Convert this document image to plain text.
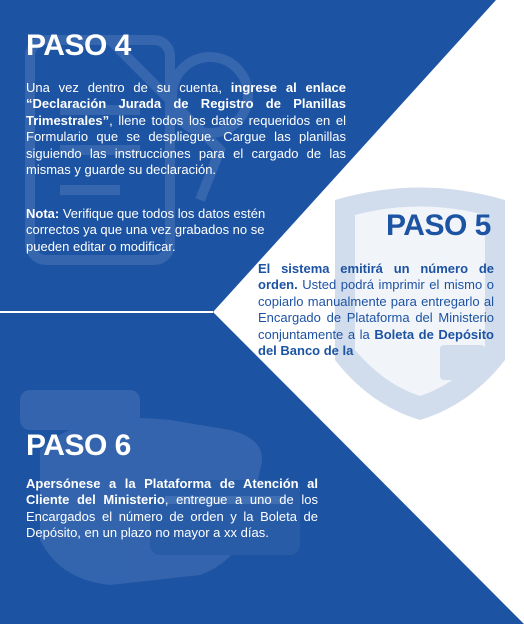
PASO 4

Una vez dentro de su cuenta, ingrese al enlace “Declaración Jurada de Registro de Planillas Trimestrales”, llene todos los datos requeridos en el Formulario que se despliegue. Cargue las planillas siguiendo las instrucciones para el cargado de las mismas y guarde su declaración.

Nota: Verifique que todos los datos estén correctos ya que una vez grabados no se pueden editar o modificar.

PASO 5

El sistema emitirá un número de orden. Usted podrá imprimir el mismo o copiarlo manualmente para entregarlo al Encargado de Plataforma del Ministerio conjuntamente a la Boleta de Depósito del Banco de la

PASO 6

Apersónese a la Plataforma de Atención al Cliente del Ministerio, entregue a uno de los Encargados el número de orden y la Boleta de Depósito, en un plazo no mayor a xx días.
